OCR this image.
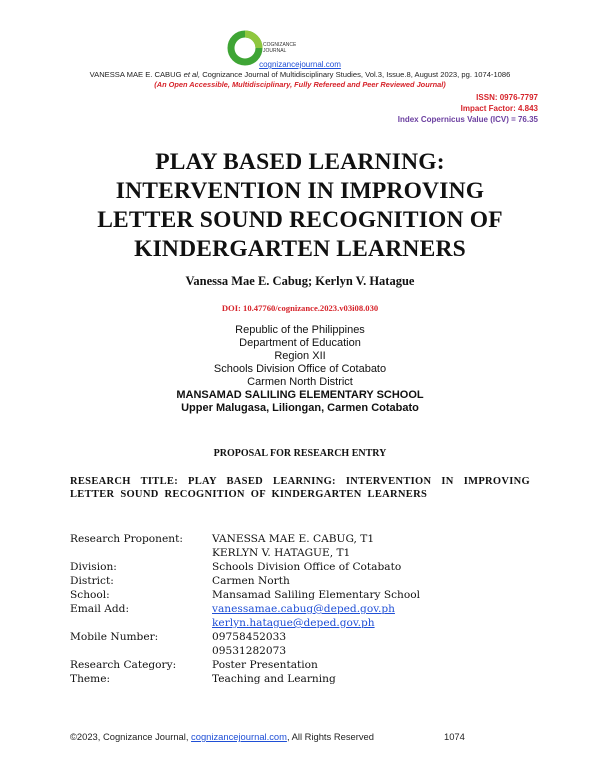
COGNIZANCE
JOURNAL
cognizancejournal.com
VANESSA MAE E. CABUG et al, Cognizance Journal of Multidisciplinary Studies, Vol.3, Issue.8, August 2023, pg. 1074-1086
(An Open Accessible, Multidisciplinary, Fully Refereed and Peer Reviewed Journal)
ISSN: 0976-7797
Impact Factor: 4.843
Index Copernicus Value (ICV) = 76.35
PLAY BASED LEARNING:
INTERVENTION IN IMPROVING
LETTER SOUND RECOGNITION OF
KINDERGARTEN LEARNERS
Vanessa Mae E. Cabug; Kerlyn V. Hatague
DOI: 10.47760/cognizance.2023.v03i08.030
Republic of the Philippines
Department of Education
Region XII
Schools Division Office of Cotabato
Carmen North District
MANSAMAD SALILING ELEMENTARY SCHOOL
Upper Malugasa, Liliongan, Carmen Cotabato
PROPOSAL FOR RESEARCH ENTRY
RESEARCH TITLE: PLAY BASED LEARNING: INTERVENTION IN IMPROVING LETTER SOUND RECOGNITION OF KINDERGARTEN LEARNERS
Research Proponent:	VANESSA MAE E. CABUG, T1
KERLYN V. HATAGUE, T1
Division:	Schools Division Office of Cotabato
District:	Carmen North
School:	Mansamad Saliling Elementary School
Email Add:	vanessamae.cabug@deped.gov.ph
kerlyn.hatague@deped.gov.ph
Mobile Number:	09758452033
09531282073
Research Category:	Poster Presentation
Theme:	Teaching and Learning
©2023, Cognizance Journal, cognizancejournal.com, All Rights Reserved	1074
